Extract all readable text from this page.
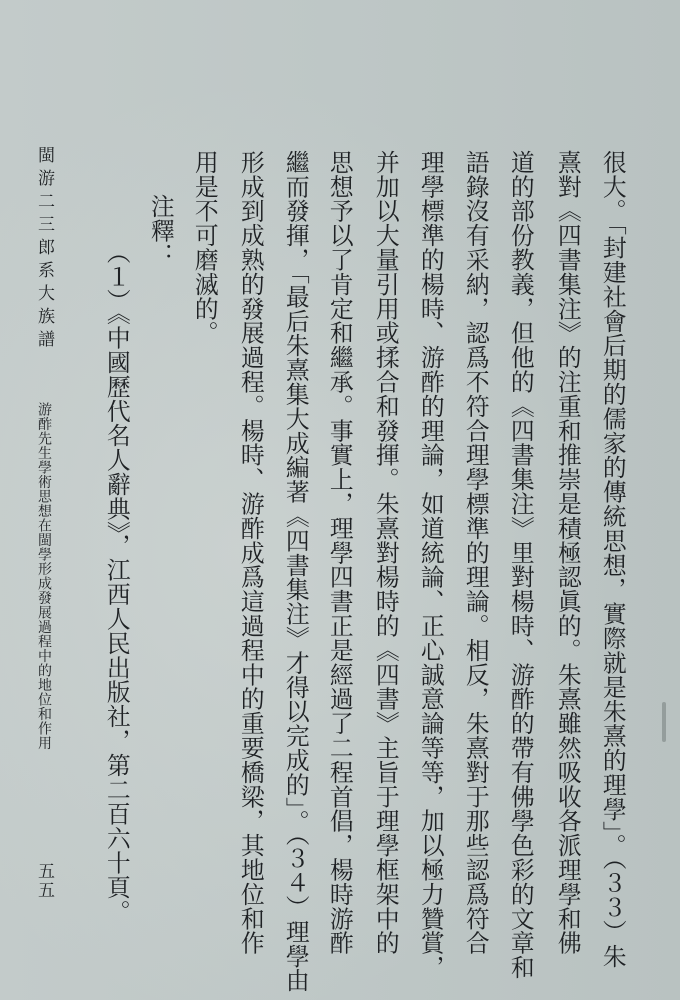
很大。「封建社會后期的儒家的傳統思想，實際就是朱熹的理學」。（３３）朱
熹對《四書集注》的注重和推崇是積極認眞的。朱熹雖然吸收各派理學和佛
道的部份教義，但他的《四書集注》里對楊時、游酢的帶有佛學色彩的文章和
語錄沒有采納，認爲不符合理學標準的理論。相反，朱熹對于那些認爲符合
理學標準的楊時、游酢的理論，如道統論、正心誠意論等等，加以極力贊賞，
并加以大量引用或揉合和發揮。朱熹對楊時的《四書》主旨于理學框架中的
思想予以了肯定和繼承。事實上，理學四書正是經過了二程首倡，楊時游酢
繼而發揮，「最后朱熹集大成編著《四書集注》才得以完成的」。（３４）理學由
形成到成熟的發展過程。楊時、游酢成爲這過程中的重要橋梁，其地位和作
用是不可磨滅的。
注釋：
（１）《中國歷代名人辭典》，江西人民出版社，第二百六十頁。
閩游二三郎系大族譜
游酢先生學術思想在閩學形成發展過程中的地位和作用
五五
